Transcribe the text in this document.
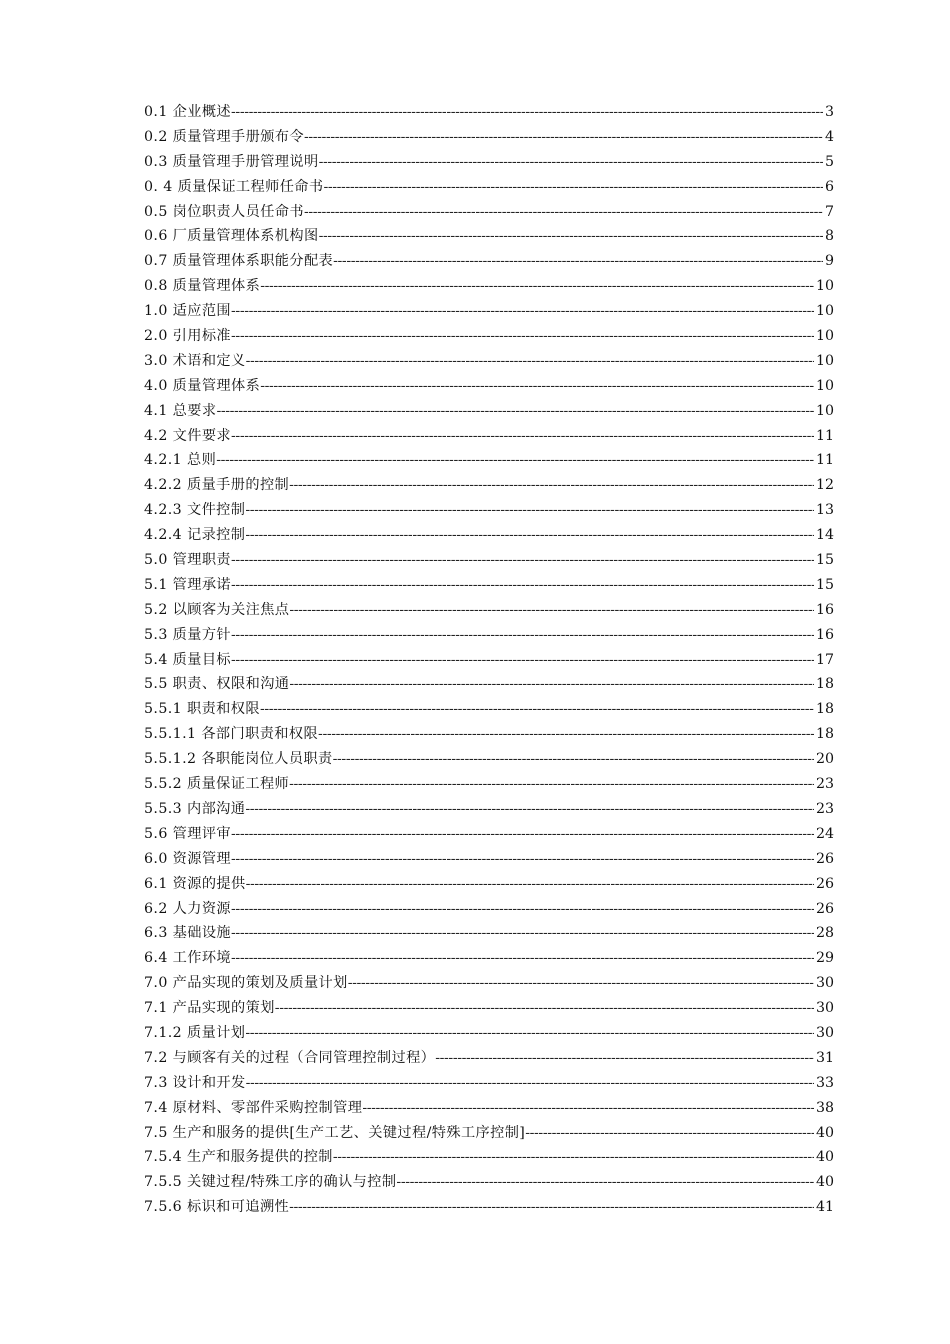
0.1 企业概述 -----	3
0.2 质量管理手册颁布令 -----	4
0.3 质量管理手册管理说明 -----	5
0. 4 质量保证工程师任命书 -----	6
0.5 岗位职责人员任命书 -----	7
0.6 厂质量管理体系机构图 -----	8
0.7 质量管理体系职能分配表 -----	9
0.8 质量管理体系 -----	10
1.0 适应范围 -----	10
2.0 引用标准 -----	10
3.0 术语和定义 -----	10
4.0 质量管理体系 -----	10
4.1 总要求 -----	10
4.2 文件要求 -----	11
4.2.1 总则 -----	11
4.2.2 质量手册的控制 -----	12
4.2.3 文件控制 -----	13
4.2.4 记录控制 -----	14
5.0 管理职责 -----	15
5.1 管理承诺 -----	15
5.2 以顾客为关注焦点 -----	16
5.3 质量方针 -----	16
5.4 质量目标 -----	17
5.5 职责、权限和沟通 -----	18
5.5.1 职责和权限 -----	18
5.5.1.1 各部门职责和权限 -----	18
5.5.1.2 各职能岗位人员职责 -----	20
5.5.2 质量保证工程师 -----	23
5.5.3 内部沟通 -----	23
5.6 管理评审 -----	24
6.0 资源管理 -----	26
6.1 资源的提供 -----	26
6.2 人力资源 -----	26
6.3 基础设施 -----	28
6.4 工作环境 -----	29
7.0 产品实现的策划及质量计划 -----	30
7.1 产品实现的策划 -----	30
7.1.2 质量计划 -----	30
7.2 与顾客有关的过程（合同管理控制过程） -----	31
7.3 设计和开发 -----	33
7.4 原材料、零部件采购控制管理 -----	38
7.5 生产和服务的提供[生产工艺、关键过程/特殊工序控制] -----	40
7.5.4 生产和服务提供的控制 -----	40
7.5.5 关键过程/特殊工序的确认与控制 -----	40
7.5.6 标识和可追溯性 -----	41
